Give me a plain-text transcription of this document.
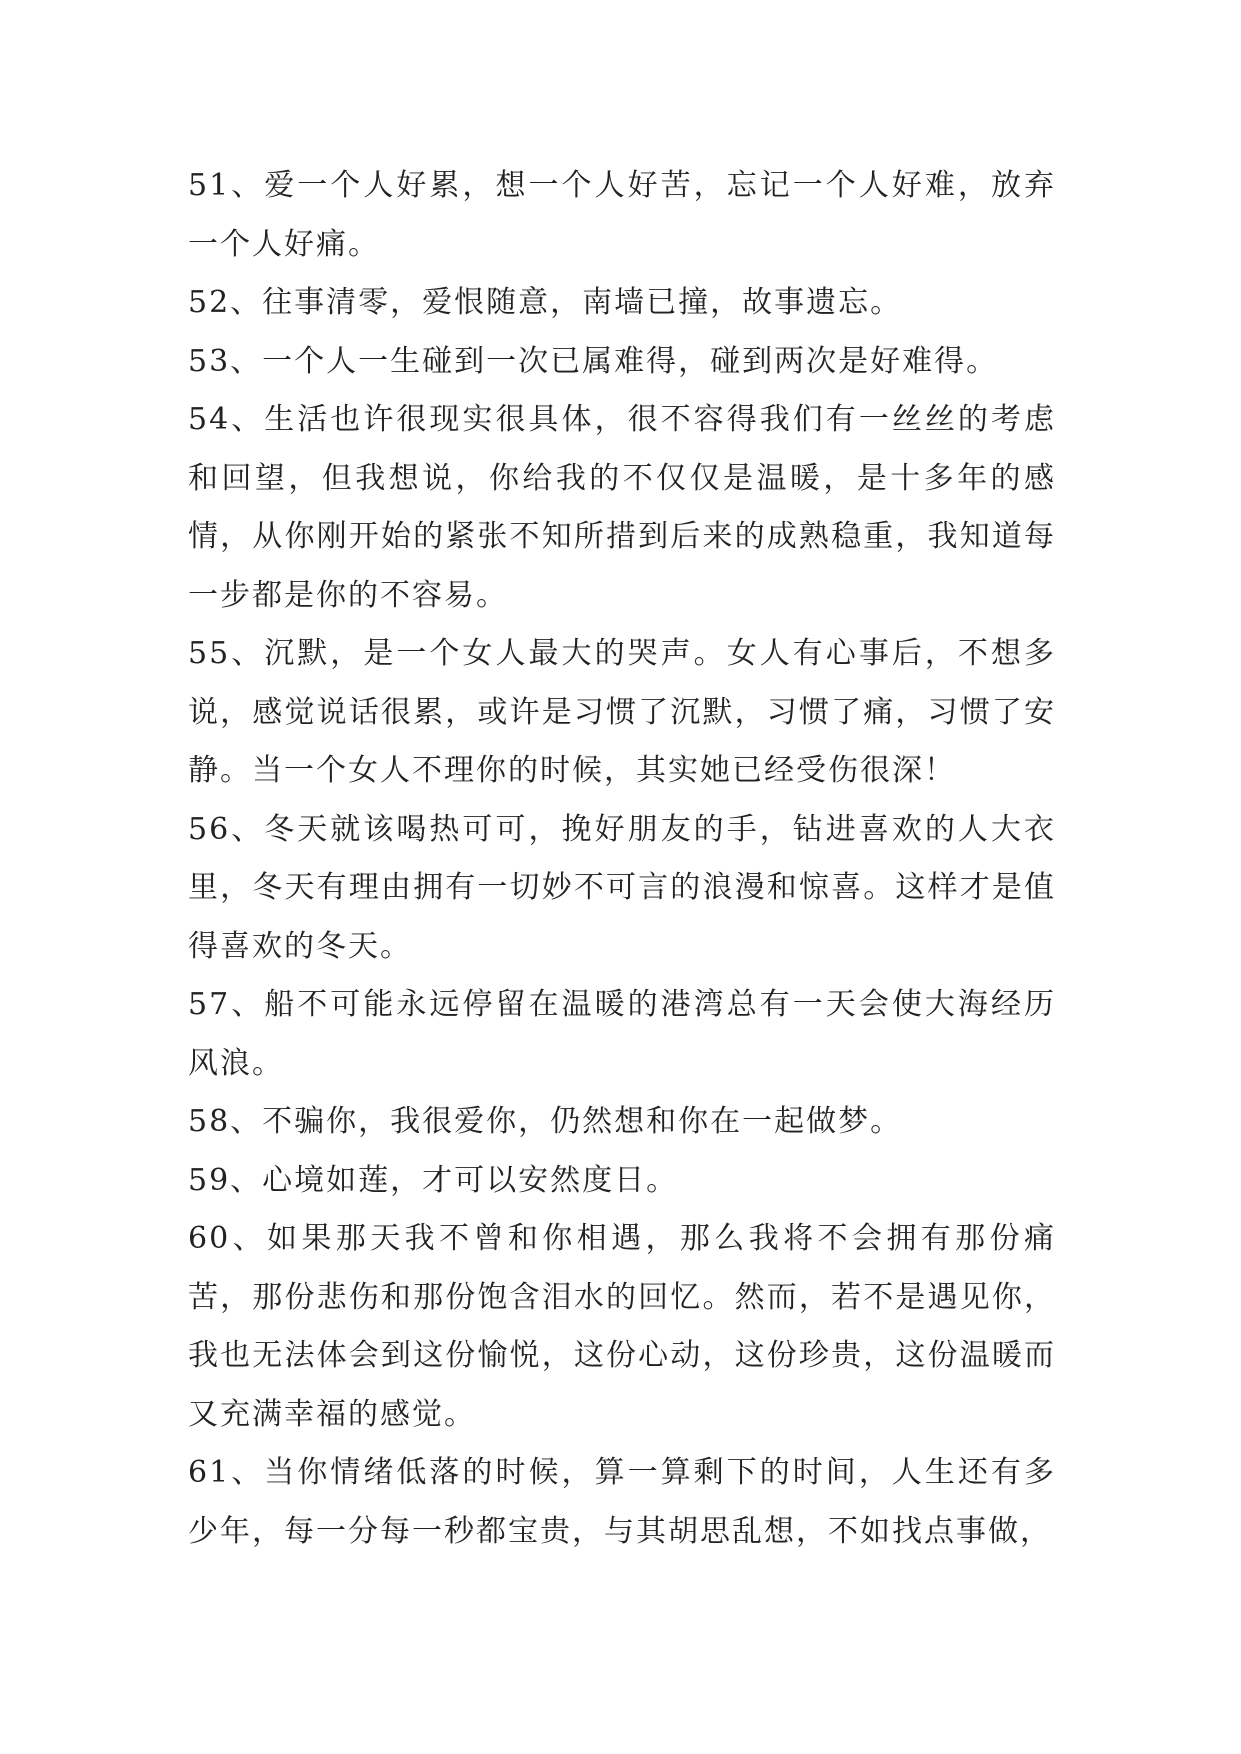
51、爱一个人好累，想一个人好苦，忘记一个人好难，放弃一个人好痛。

52、往事清零，爱恨随意，南墙已撞，故事遗忘。

53、一个人一生碰到一次已属难得，碰到两次是好难得。

54、生活也许很现实很具体，很不容得我们有一丝丝的考虑和回望，但我想说，你给我的不仅仅是温暖，是十多年的感情，从你刚开始的紧张不知所措到后来的成熟稳重，我知道每一步都是你的不容易。

55、沉默，是一个女人最大的哭声。女人有心事后，不想多说，感觉说话很累，或许是习惯了沉默，习惯了痛，习惯了安静。当一个女人不理你的时候，其实她已经受伤很深！

56、冬天就该喝热可可，挽好朋友的手，钻进喜欢的人大衣里，冬天有理由拥有一切妙不可言的浪漫和惊喜。这样才是值得喜欢的冬天。

57、船不可能永远停留在温暖的港湾总有一天会使大海经历风浪。

58、不骗你，我很爱你，仍然想和你在一起做梦。

59、心境如莲，才可以安然度日。

60、如果那天我不曾和你相遇，那么我将不会拥有那份痛苦，那份悲伤和那份饱含泪水的回忆。然而，若不是遇见你，我也无法体会到这份愉悦，这份心动，这份珍贵，这份温暖而又充满幸福的感觉。

61、当你情绪低落的时候，算一算剩下的时间，人生还有多少年，每一分每一秒都宝贵，与其胡思乱想，不如找点事做，
